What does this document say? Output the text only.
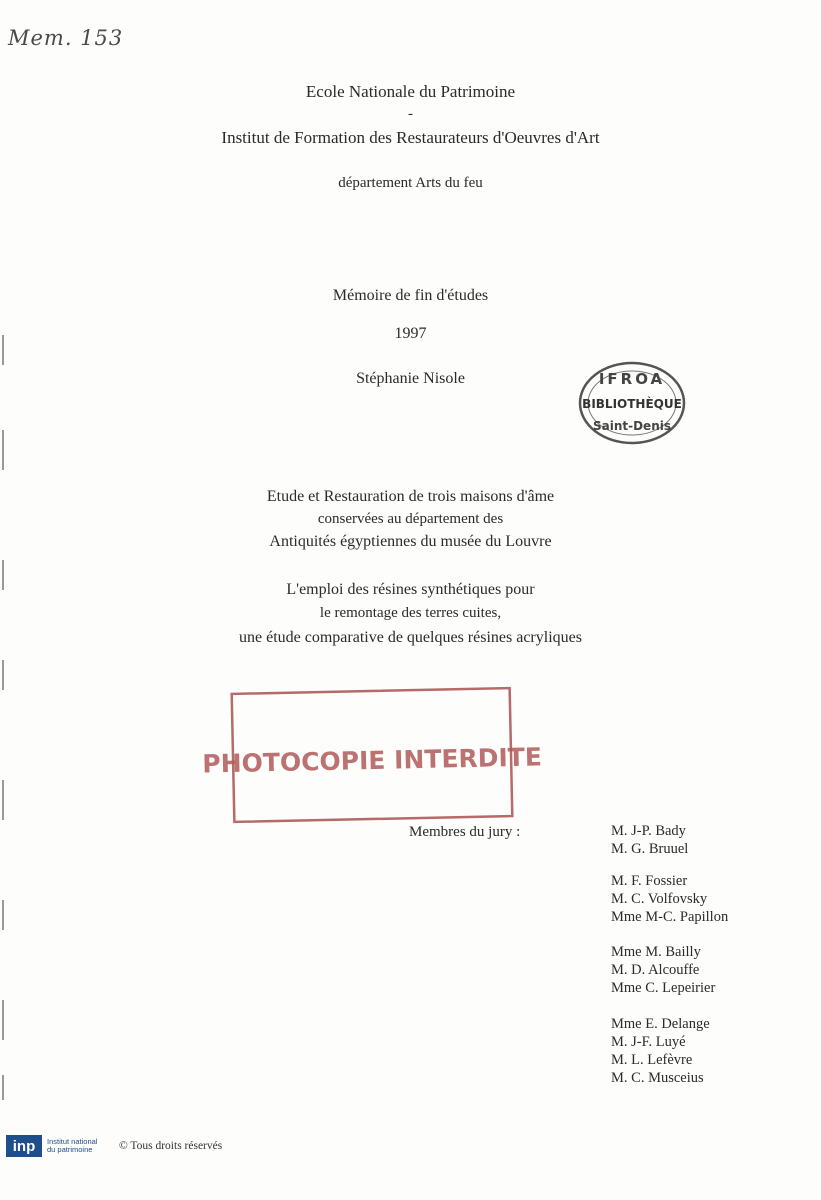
Mem. 153
Ecole Nationale du Patrimoine
-
Institut de Formation des Restaurateurs d'Oeuvres d'Art
département Arts du feu
Mémoire de fin d'études
1997
Stéphanie Nisole	IFROA
BIBLIOTHÈQUE
Saint-Denis
Etude et Restauration de trois maisons d'âme
conservées au département des
Antiquités égyptiennes du musée du Louvre
L'emploi des résines synthétiques pour
le remontage des terres cuites,
une étude comparative de quelques résines acryliques
PHOTOCOPIE INTERDITE
Membres du jury :	M. J-P. Bady
M. G. Bruuel
M. F. Fossier
M. C. Volfovsky
Mme M-C. Papillon
Mme M. Bailly
M. D. Alcouffe
Mme C. Lepeirier
Mme E. Delange
M. J-F. Luyé
M. L. Lefèvre
M. C. Musceius
inp	Institut national
du patrimoine	© Tous droits réservés
